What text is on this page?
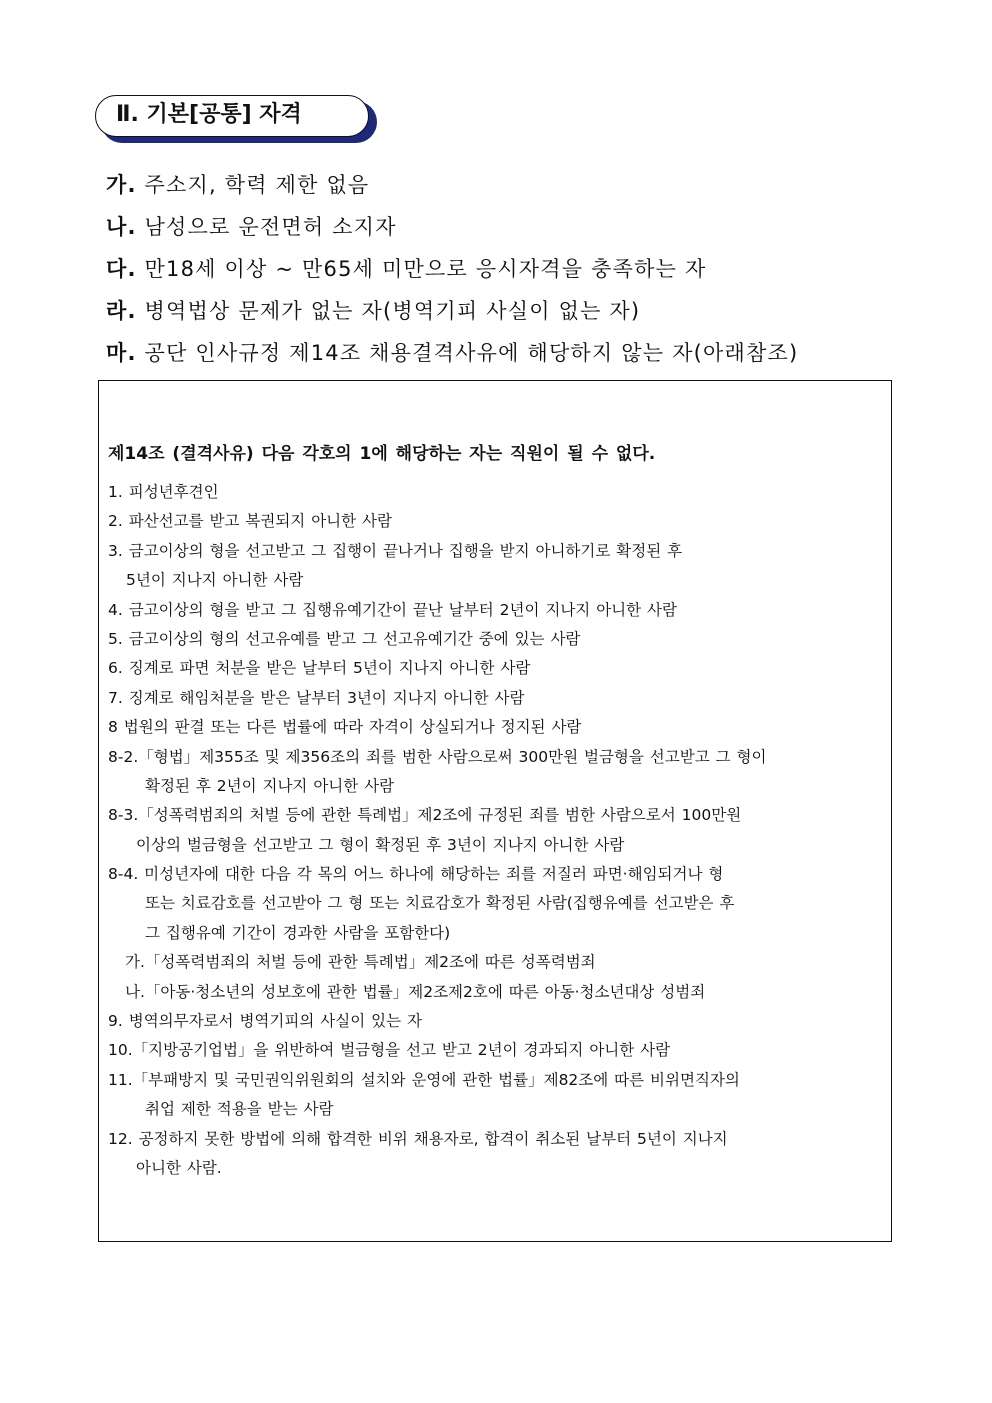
Ⅱ. 기본[공통] 자격
가. 주소지, 학력 제한 없음
나. 남성으로 운전면허 소지자
다. 만18세 이상 ~ 만65세 미만으로 응시자격을 충족하는 자
라. 병역법상 문제가 없는 자(병역기피 사실이 없는 자)
마. 공단 인사규정 제14조 채용결격사유에 해당하지 않는 자(아래참조)
제14조 (결격사유) 다음 각호의 1에 해당하는 자는 직원이 될 수 없다.
1. 피성년후견인
2. 파산선고를 받고 복권되지 아니한 사람
3. 금고이상의 형을 선고받고 그 집행이 끝나거나 집행을 받지 아니하기로 확정된 후
5년이 지나지 아니한 사람
4. 금고이상의 형을 받고 그 집행유예기간이 끝난 날부터 2년이 지나지 아니한 사람
5. 금고이상의 형의 선고유예를 받고 그 선고유예기간 중에 있는 사람
6. 징계로 파면 처분을 받은 날부터 5년이 지나지 아니한 사람
7. 징계로 해임처분을 받은 날부터 3년이 지나지 아니한 사람
8 법원의 판결 또는 다른 법률에 따라 자격이 상실되거나 정지된 사람
8-2.「형법」제355조 및 제356조의 죄를 범한 사람으로써 300만원 벌금형을 선고받고 그 형이
확정된 후 2년이 지나지 아니한 사람
8-3.「성폭력범죄의 처벌 등에 관한 특례법」제2조에 규정된 죄를 범한 사람으로서 100만원
이상의 벌금형을 선고받고 그 형이 확정된 후 3년이 지나지 아니한 사람
8-4. 미성년자에 대한 다음 각 목의 어느 하나에 해당하는 죄를 저질러 파면·해임되거나 형
또는 치료감호를 선고받아 그 형 또는 치료감호가 확정된 사람(집행유예를 선고받은 후
그 집행유예 기간이 경과한 사람을 포함한다)
가.「성폭력범죄의 처벌 등에 관한 특례법」제2조에 따른 성폭력범죄
나.「아동·청소년의 성보호에 관한 법률」제2조제2호에 따른 아동·청소년대상 성범죄
9. 병역의무자로서 병역기피의 사실이 있는 자
10.「지방공기업법」을 위반하여 벌금형을 선고 받고 2년이 경과되지 아니한 사람
11.「부패방지 및 국민권익위원회의 설치와 운영에 관한 법률」제82조에 따른 비위면직자의
취업 제한 적용을 받는 사람
12. 공정하지 못한 방법에 의해 합격한 비위 채용자로, 합격이 취소된 날부터 5년이 지나지
아니한 사람.
